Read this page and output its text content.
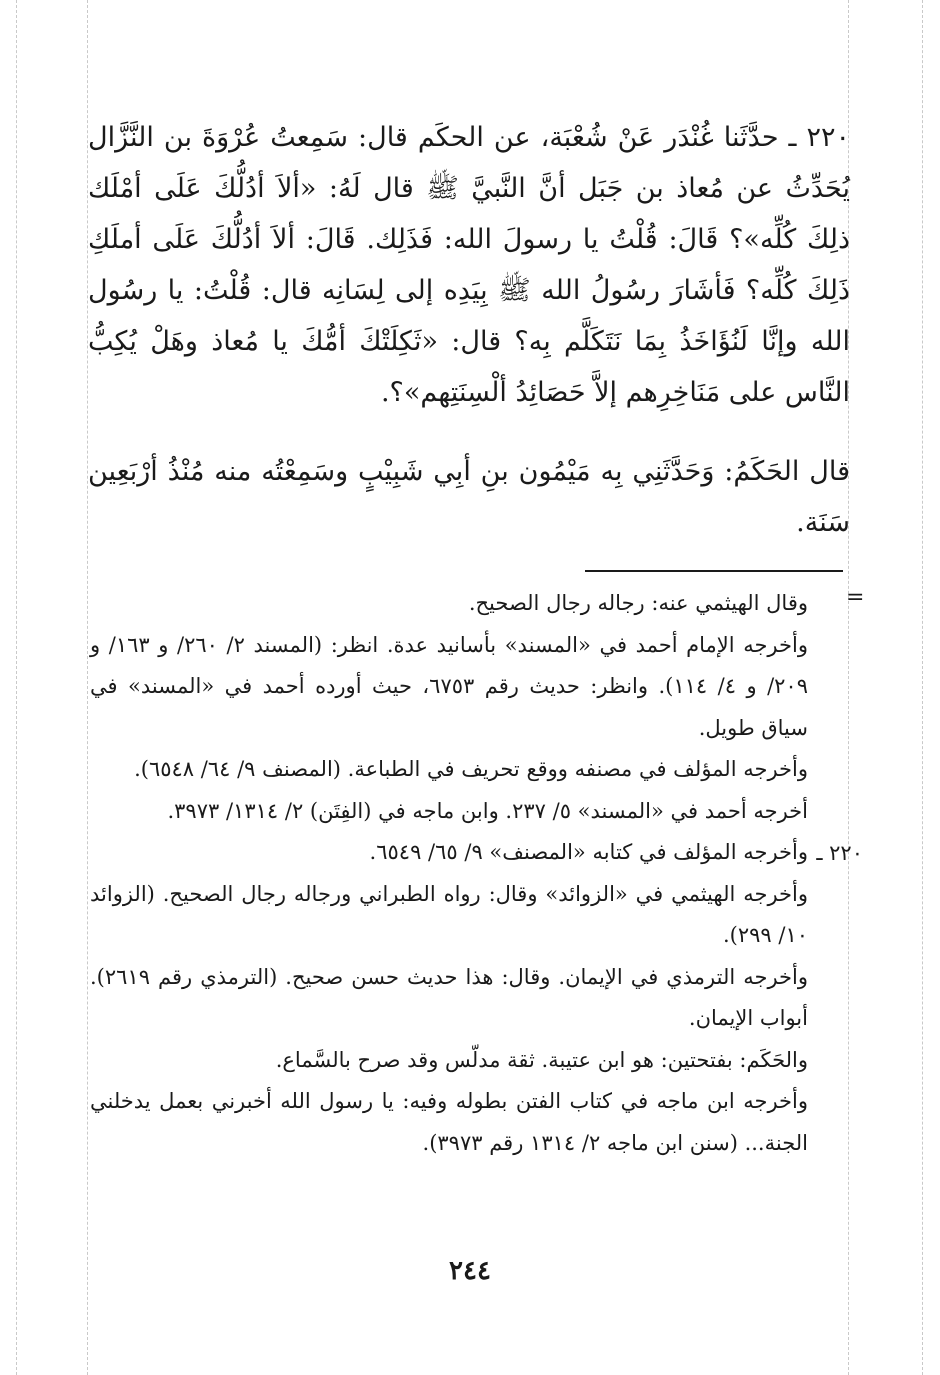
٢٢٠ ـ حدَّثَنا غُنْدَر عَنْ شُعْبَة، عن الحكَم قال: سَمِعتُ عُرْوَةَ بن النَّزَّال يُحَدِّثُ عن مُعاذ بن جَبَل أنَّ النَّبيَّ ﷺ قال لَهُ: «ألاَ أدُلُّكَ عَلَى أمْلَك ذلِكَ كُلِّه»؟ قَالَ: قُلْتُ يا رسولَ الله: فَذَلِك. قَالَ: ألاَ أدُلُّكَ عَلَى أملَكِ ذَلِكَ كُلِّه؟ فَأشَارَ رسُولُ الله ﷺ بِيَدِه إلى لِسَانِه قال: قُلْتُ: يا رسُول الله وإنَّا لَنُؤَاخَذُ بِمَا نَتَكَلَّم بِه؟ قال: «ثَكِلَتْكَ أمُّكَ يا مُعاذ وهَلْ يُكِبُّ النَّاس على مَنَاخِرِهم إلاَّ حَصَائِدُ ألْسِنَتِهم»؟.

قال الحَكَمُ: وَحَدَّثَنِي بِه مَيْمُون بنِ أبِي شَبِيْبٍ وسَمِعْتُه منه مُنْذُ أرْبَعِين سَنَة.

=

وقال الهيثمي عنه: رجاله رجال الصحيح.

وأخرجه الإمام أحمد في «المسند» بأسانيد عدة. انظر: (المسند ٢/ ٢٦٠/ و ١٦٣/ و ٢٠٩/ و ٤/ ١١٤). وانظر: حديث رقم ٦٧٥٣، حيث أورده أحمد في «المسند» في سياق طويل.

وأخرجه المؤلف في مصنفه ووقع تحريف في الطباعة. (المصنف ٩/ ٦٤/ ٦٥٤٨).

أخرجه أحمد في «المسند» ٥/ ٢٣٧. وابن ماجه في (الفِتَن) ٢/ ١٣١٤/ ٣٩٧٣.

وأخرجه المؤلف في كتابه «المصنف» ٩/ ٦٥/ ٦٥٤٩.

وأخرجه الهيثمي في «الزوائد» وقال: رواه الطبراني ورجاله رجال الصحيح. (الزوائد ١٠/ ٢٩٩).

وأخرجه الترمذي في الإيمان. وقال: هذا حديث حسن صحيح. (الترمذي رقم ٢٦١٩). أبواب الإيمان.

والحَكَم: بفتحتين: هو ابن عتيبة. ثقة مدلّس وقد صرح بالسَّماع.

وأخرجه ابن ماجه في كتاب الفتن بطوله وفيه: يا رسول الله أخبرني بعمل يدخلني الجنة... (سنن ابن ماجه ٢/ ١٣١٤ رقم ٣٩٧٣).

٢٢٠ ـ
٢٤٤
